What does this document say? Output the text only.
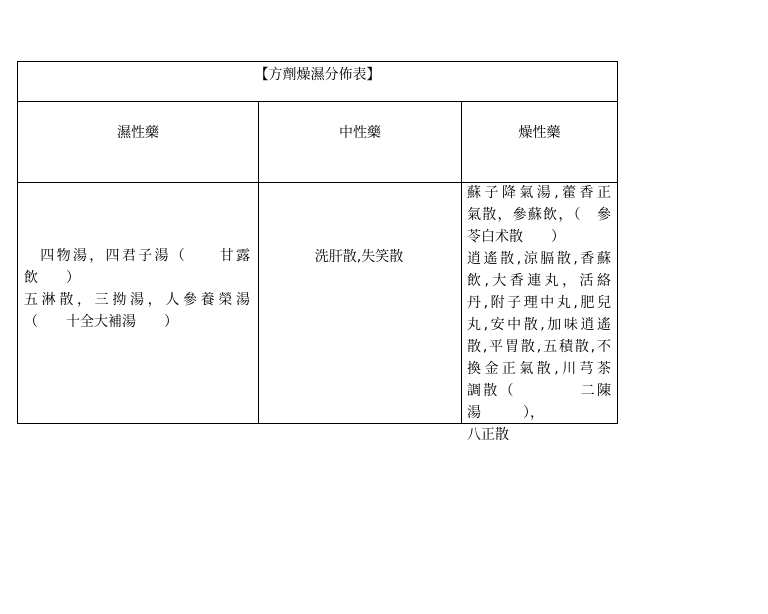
【方劑燥濕分佈表】
濕性藥	中性藥	燥性藥
　四物湯，四君子湯（　　甘露
飲　　）
五淋散，三拗湯，人參養榮湯
（　　十全大補湯　　）
洗肝散,失笑散
蘇子降氣湯,藿香正
氣散，參蘇飲，（　參
苓白术散　　）
逍遙散,涼膈散,香蘇
飲,大香連丸，活絡
丹,附子理中丸,肥兒
丸,安中散,加味逍遙
散,平胃散,五積散,不
換金正氣散,川芎茶
調散（　　　　二陳
湯　　　），
八正散
